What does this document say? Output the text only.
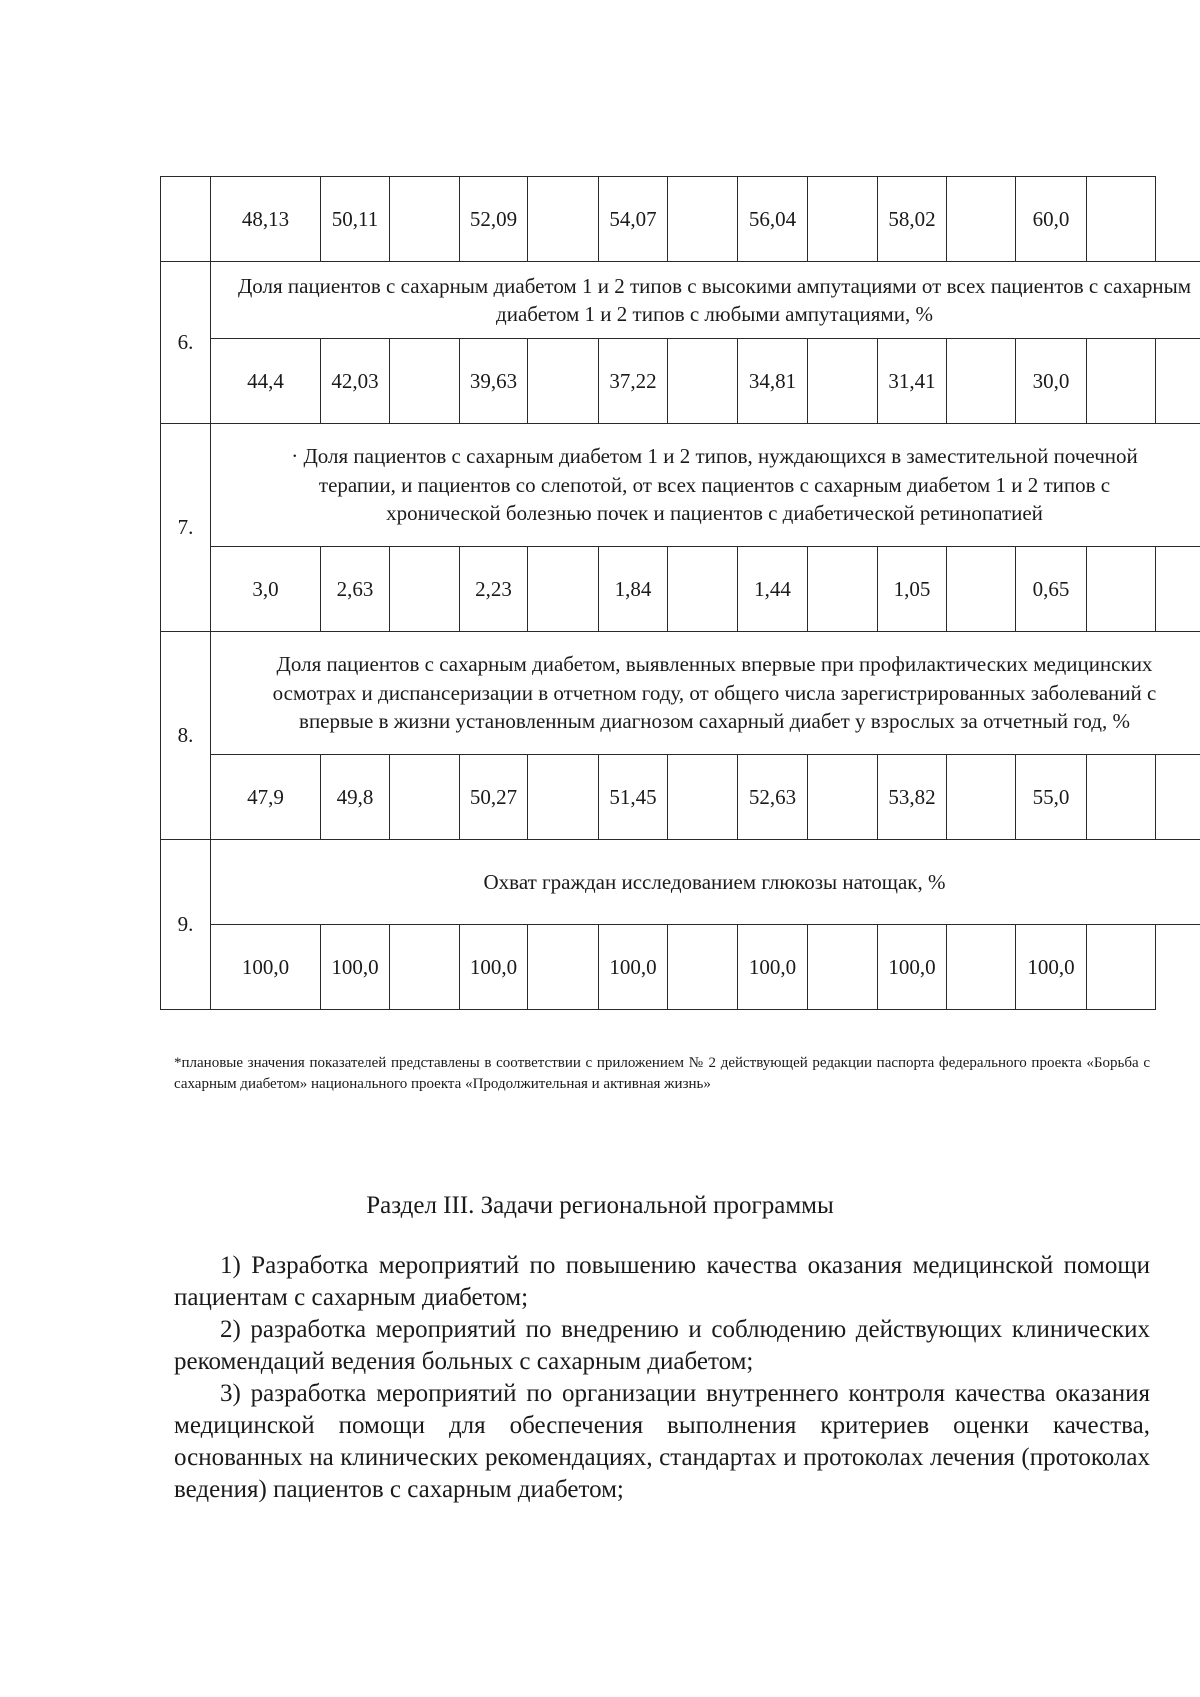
	48,13	50,11		52,09		54,07		56,04		58,02		60,0	
6.	Доля пациентов с сахарным диабетом 1 и 2 типов с высокими ампутациями от всех пациентов с сахарным диабетом 1 и 2 типов с любыми ампутациями, %												
	44,4	42,03		39,63		37,22		34,81		31,41		30,0	
7.	· Доля пациентов с сахарным диабетом 1 и 2 типов, нуждающихся в заместительной почечной терапии, и пациентов со слепотой, от всех пациентов с сахарным диабетом 1 и 2 типов с хронической болезнью почек и пациентов с диабетической ретинопатией												
	3,0	2,63		2,23		1,84		1,44		1,05		0,65	
8.	Доля пациентов с сахарным диабетом, выявленных впервые при профилактических медицинских осмотрах и диспансеризации в отчетном году, от общего числа зарегистрированных заболеваний с впервые в жизни установленным диагнозом сахарный диабет у взрослых за отчетный год, %												
	47,9	49,8		50,27		51,45		52,63		53,82		55,0	
9.	Охват граждан исследованием глюкозы натощак, %												
	100,0	100,0		100,0		100,0		100,0		100,0		100,0	

*плановые значения показателей представлены в соответствии с приложением № 2 действующей редакции паспорта федерального проекта «Борьба с сахарным диабетом» национального проекта «Продолжительная и активная жизнь»

Раздел III. Задачи региональной программы

1) Разработка мероприятий по повышению качества оказания медицинской помощи пациентам с сахарным диабетом;

2) разработка мероприятий по внедрению и соблюдению действующих клинических рекомендаций ведения больных с сахарным диабетом;

3) разработка мероприятий по организации внутреннего контроля качества оказания медицинской помощи для обеспечения выполнения критериев оценки качества, основанных на клинических рекомендациях, стандартах и протоколах лечения (протоколах ведения) пациентов с сахарным диабетом;
